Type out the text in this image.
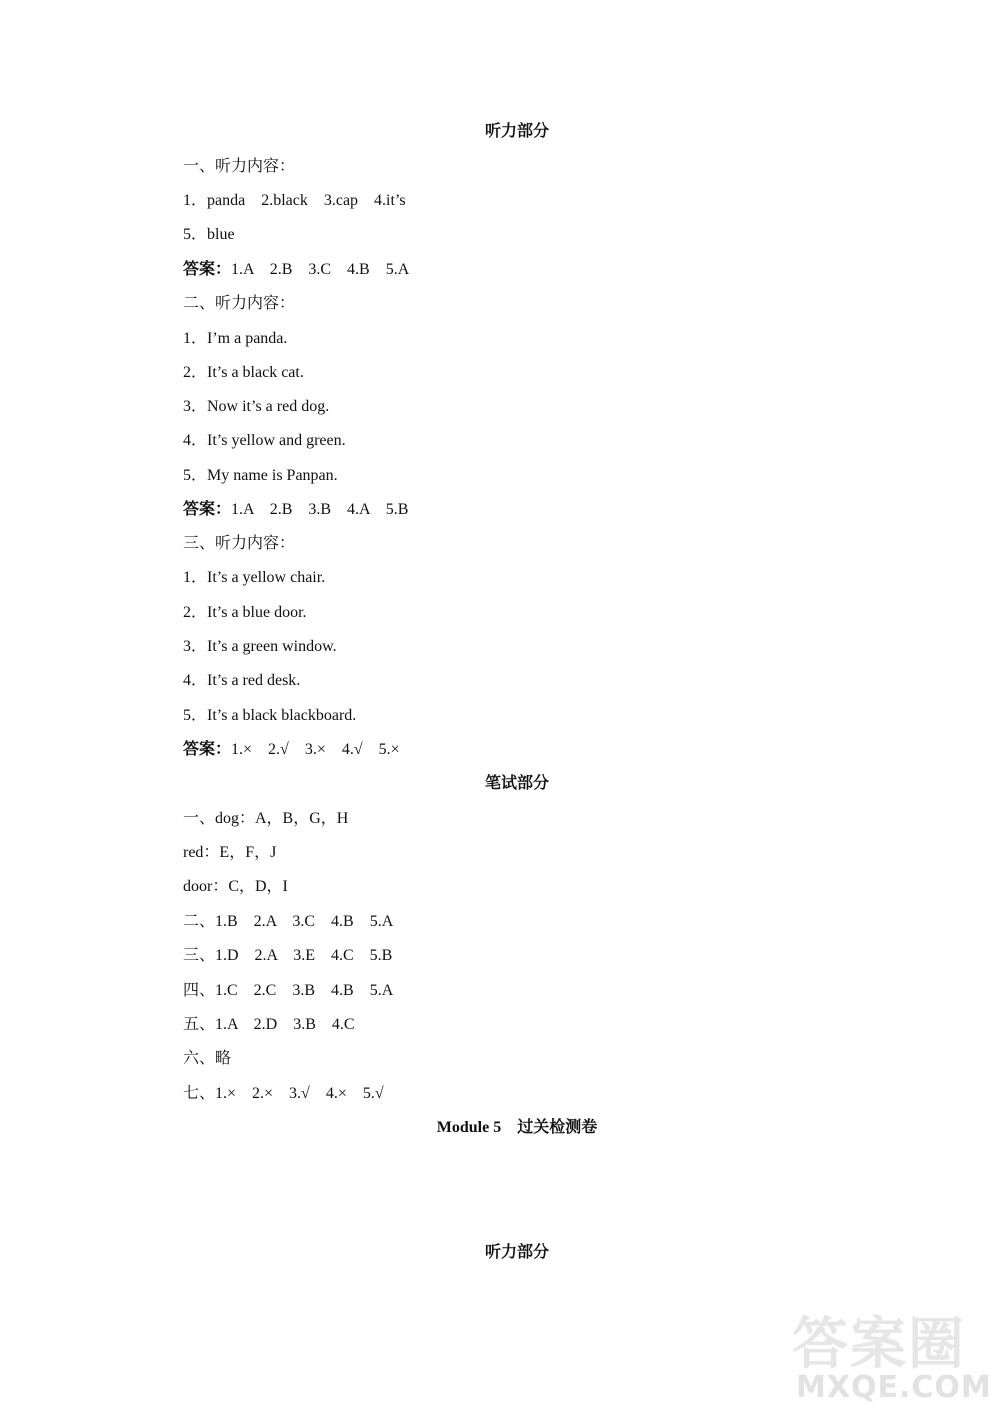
听力部分
一、听力内容：
1．panda    2.black    3.cap    4.it’s
5．blue
答案：1.A    2.B    3.C    4.B    5.A
二、听力内容：
1．I’m a panda.
2．It’s a black cat.
3．Now it’s a red dog.
4．It’s yellow and green.
5．My name is Panpan.
答案：1.A    2.B    3.B    4.A    5.B
三、听力内容：
1．It’s a yellow chair.
2．It’s a blue door.
3．It’s a green window.
4．It’s a red desk.
5．It’s a black blackboard.
答案：1.×    2.√    3.×    4.√    5.×
笔试部分
一、dog：A，B，G，H
red：E，F，J
door：C，D，I
二、1.B    2.A    3.C    4.B    5.A
三、1.D    2.A    3.E    4.C    5.B
四、1.C    2.C    3.B    4.B    5.A
五、1.A    2.D    3.B    4.C
六、略
七、1.×    2.×    3.√    4.×    5.√
Module 5    过关检测卷
听力部分
答案圈
MXQE.COM
